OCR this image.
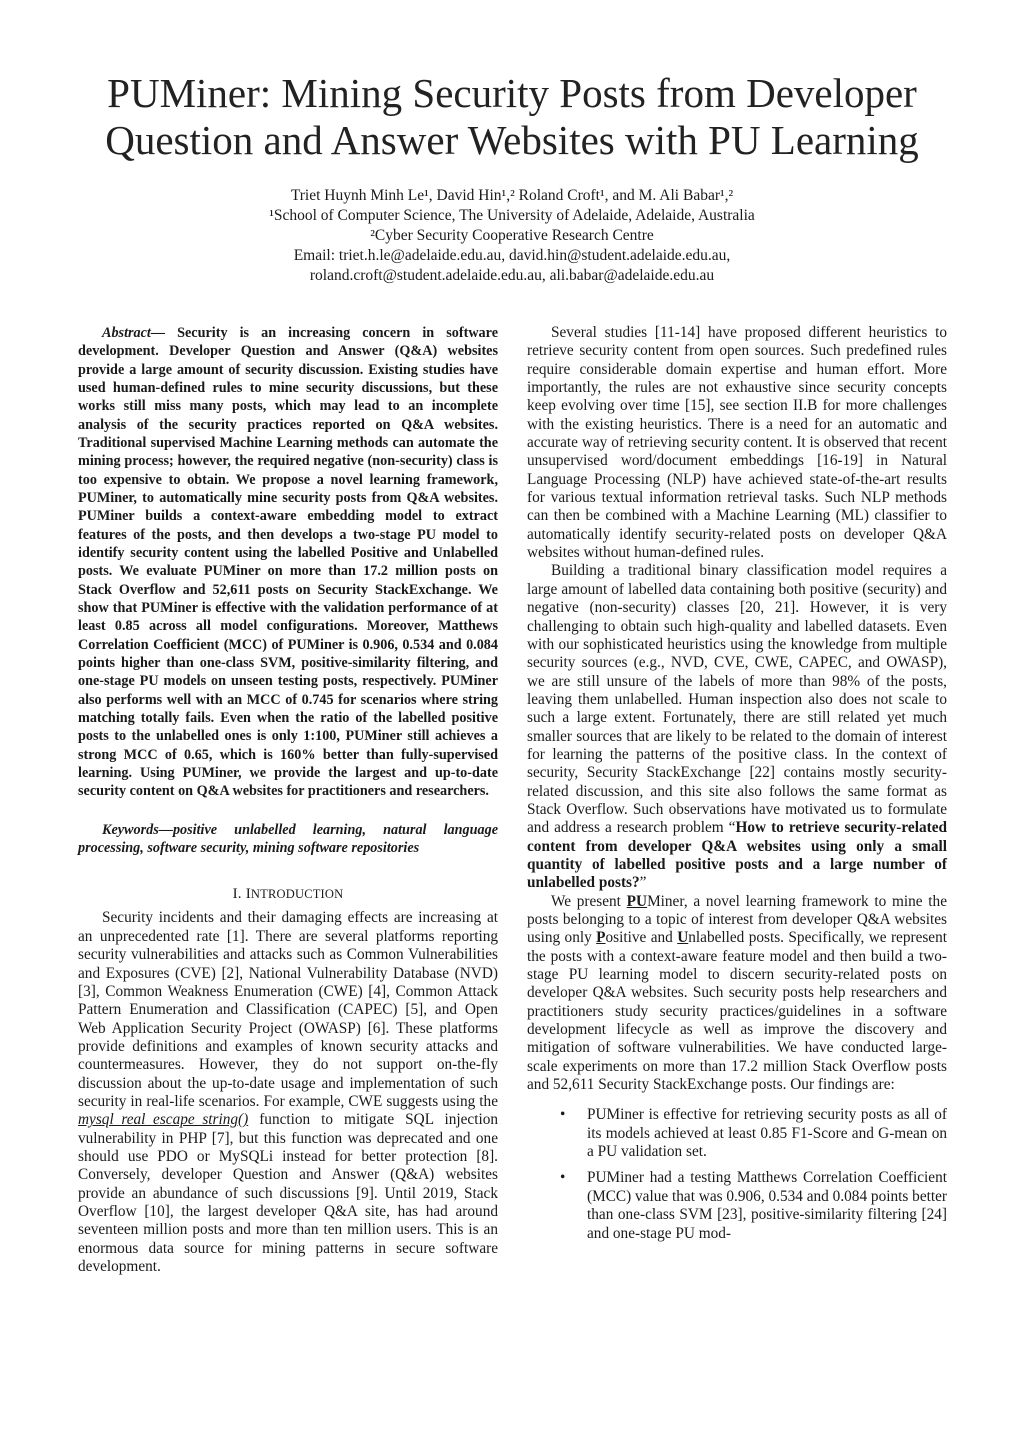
PUMiner: Mining Security Posts from Developer Question and Answer Websites with PU Learning
Triet Huynh Minh Le¹, David Hin¹,² Roland Croft¹, and M. Ali Babar¹,²
¹School of Computer Science, The University of Adelaide, Adelaide, Australia
²Cyber Security Cooperative Research Centre
Email: triet.h.le@adelaide.edu.au, david.hin@student.adelaide.edu.au,
roland.croft@student.adelaide.edu.au, ali.babar@adelaide.edu.au

Abstract— Security is an increasing concern in software development. Developer Question and Answer (Q&A) websites provide a large amount of security discussion. Existing studies have used human-defined rules to mine security discussions, but these works still miss many posts, which may lead to an incomplete analysis of the security practices reported on Q&A websites. Traditional supervised Machine Learning methods can automate the mining process; however, the required negative (non-security) class is too expensive to obtain. We propose a novel learning framework, PUMiner, to automatically mine security posts from Q&A websites. PUMiner builds a context-aware embedding model to extract features of the posts, and then develops a two-stage PU model to identify security content using the labelled Positive and Unlabelled posts. We evaluate PUMiner on more than 17.2 million posts on Stack Overflow and 52,611 posts on Security StackExchange. We show that PUMiner is effective with the validation performance of at least 0.85 across all model configurations. Moreover, Matthews Correlation Coefficient (MCC) of PUMiner is 0.906, 0.534 and 0.084 points higher than one-class SVM, positive-similarity filtering, and one-stage PU models on unseen testing posts, respectively. PUMiner also performs well with an MCC of 0.745 for scenarios where string matching totally fails. Even when the ratio of the labelled positive posts to the unlabelled ones is only 1:100, PUMiner still achieves a strong MCC of 0.65, which is 160% better than fully-supervised learning. Using PUMiner, we provide the largest and up-to-date security content on Q&A websites for practitioners and researchers.

Keywords—positive unlabelled learning, natural language processing, software security, mining software repositories

I. INTRODUCTION

Security incidents and their damaging effects are increasing at an unprecedented rate [1]. There are several platforms reporting security vulnerabilities and attacks such as Common Vulnerabilities and Exposures (CVE) [2], National Vulnerability Database (NVD) [3], Common Weakness Enumeration (CWE) [4], Common Attack Pattern Enumeration and Classification (CAPEC) [5], and Open Web Application Security Project (OWASP) [6]. These platforms provide definitions and examples of known security attacks and countermeasures. However, they do not support on-the-fly discussion about the up-to-date usage and implementation of such security in real-life scenarios. For example, CWE suggests using the mysql_real_escape_string() function to mitigate SQL injection vulnerability in PHP [7], but this function was deprecated and one should use PDO or MySQLi instead for better protection [8]. Conversely, developer Question and Answer (Q&A) websites provide an abundance of such discussions [9]. Until 2019, Stack Overflow [10], the largest developer Q&A site, has had around seventeen million posts and more than ten million users. This is an enormous data source for mining patterns in secure software development.

Several studies [11-14] have proposed different heuristics to retrieve security content from open sources. Such predefined rules require considerable domain expertise and human effort. More importantly, the rules are not exhaustive since security concepts keep evolving over time [15], see section II.B for more challenges with the existing heuristics. There is a need for an automatic and accurate way of retrieving security content. It is observed that recent unsupervised word/document embeddings [16-19] in Natural Language Processing (NLP) have achieved state-of-the-art results for various textual information retrieval tasks. Such NLP methods can then be combined with a Machine Learning (ML) classifier to automatically identify security-related posts on developer Q&A websites without human-defined rules.

Building a traditional binary classification model requires a large amount of labelled data containing both positive (security) and negative (non-security) classes [20, 21]. However, it is very challenging to obtain such high-quality and labelled datasets. Even with our sophisticated heuristics using the knowledge from multiple security sources (e.g., NVD, CVE, CWE, CAPEC, and OWASP), we are still unsure of the labels of more than 98% of the posts, leaving them unlabelled. Human inspection also does not scale to such a large extent. Fortunately, there are still related yet much smaller sources that are likely to be related to the domain of interest for learning the patterns of the positive class. In the context of security, Security StackExchange [22] contains mostly security-related discussion, and this site also follows the same format as Stack Overflow. Such observations have motivated us to formulate and address a research problem “How to retrieve security-related content from developer Q&A websites using only a small quantity of labelled positive posts and a large number of unlabelled posts?”

We present PUMiner, a novel learning framework to mine the posts belonging to a topic of interest from developer Q&A websites using only Positive and Unlabelled posts. Specifically, we represent the posts with a context-aware feature model and then build a two-stage PU learning model to discern security-related posts on developer Q&A websites. Such security posts help researchers and practitioners study security practices/guidelines in a software development lifecycle as well as improve the discovery and mitigation of software vulnerabilities. We have conducted large-scale experiments on more than 17.2 million Stack Overflow posts and 52,611 Security StackExchange posts. Our findings are:

• PUMiner is effective for retrieving security posts as all of its models achieved at least 0.85 F1-Score and G-mean on a PU validation set.
• PUMiner had a testing Matthews Correlation Coefficient (MCC) value that was 0.906, 0.534 and 0.084 points better than one-class SVM [23], positive-similarity filtering [24] and one-stage PU mod-
